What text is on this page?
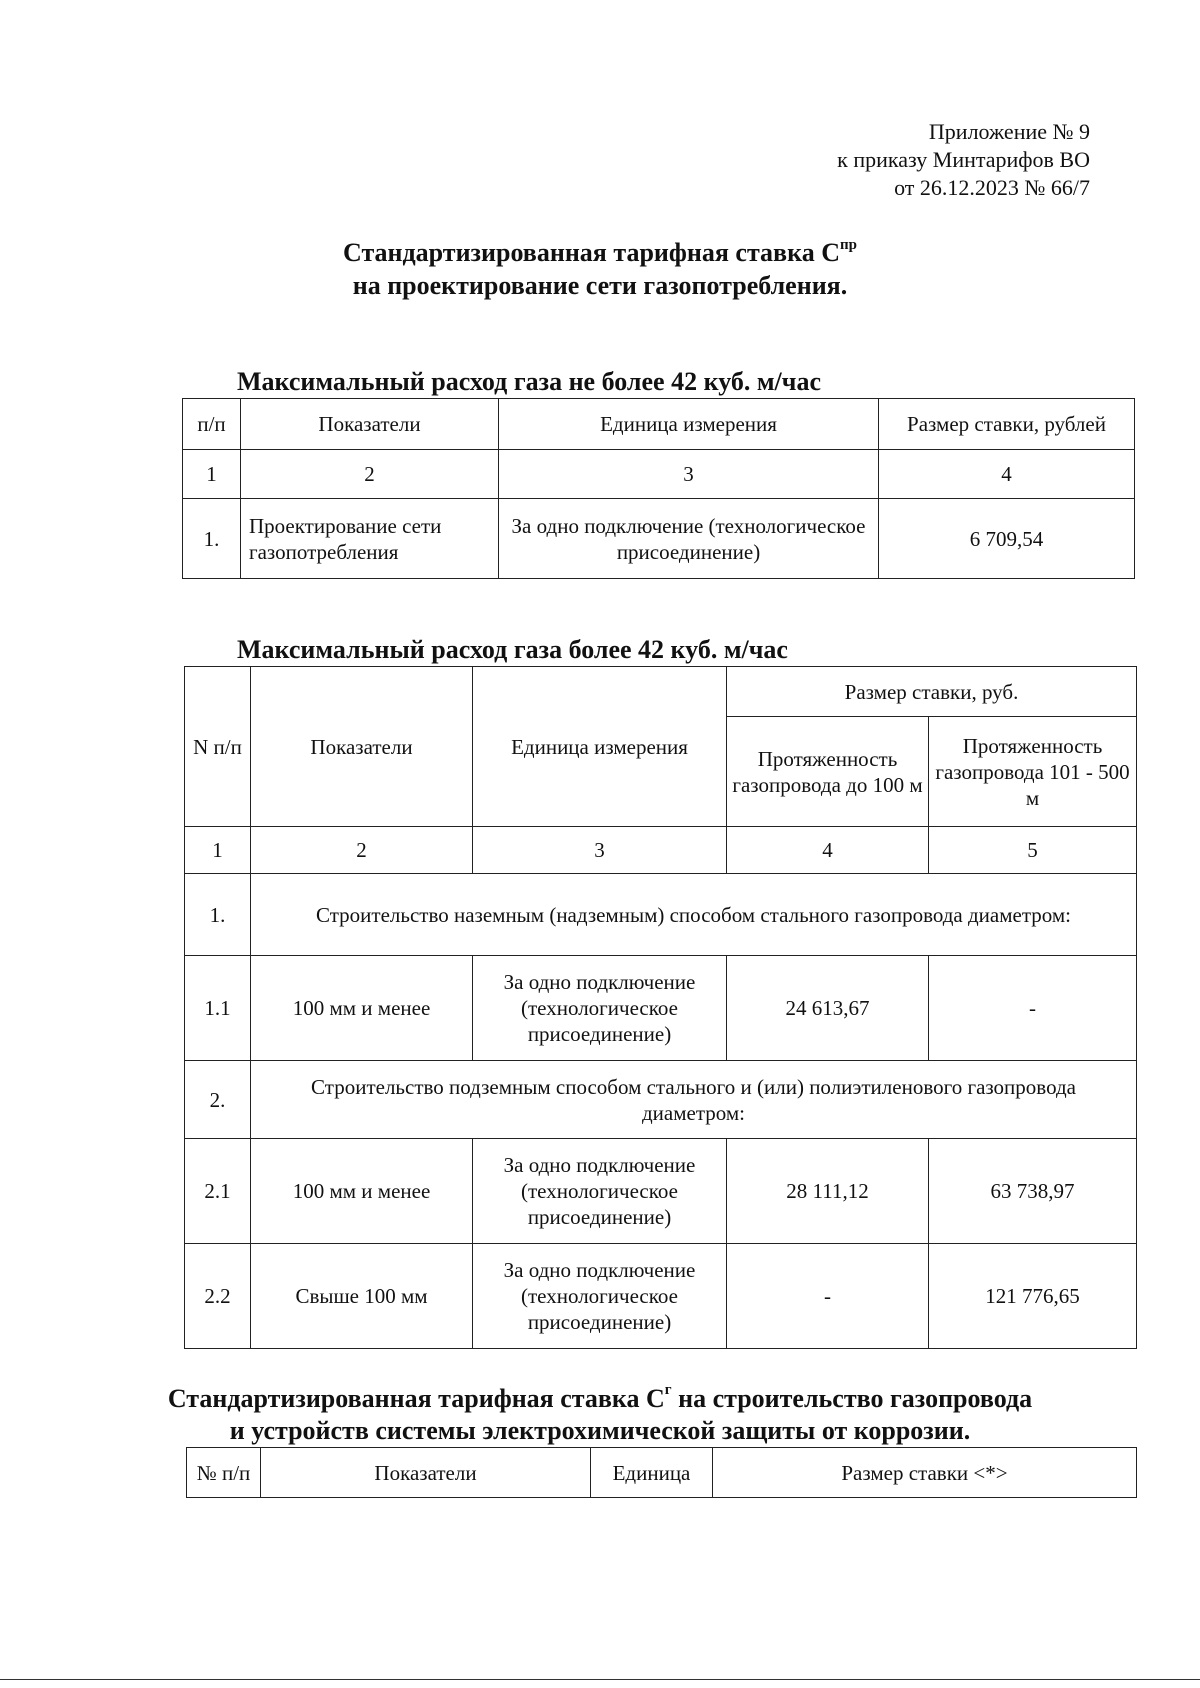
Приложение № 9
к приказу Минтарифов ВО
от 26.12.2023 № 66/7
Стандартизированная тарифная ставка $С^{пр}$
на проектирование сети газопотребления.
Максимальный расход газа не более 42 куб. м/час
п/п	Показатели	Единица измерения	Размер ставки, рублей
1	2	3	4
1.	Проектирование сети газопотребления	За одно подключение (технологическое присоединение)	6 709,54
Максимальный расход газа более 42 куб. м/час
N п/п	Показатели	Единица измерения	Размер ставки, руб.	
			Протяженность газопровода до 100 м	Протяженность газопровода 101 - 500 м
1	2	3	4	5
1.	Строительство наземным (надземным) способом стального газопровода диаметром:			
1.1	100 мм и менее	За одно подключение (технологическое присоединение)	24 613,67	-
2.	Строительство подземным способом стального и (или) полиэтиленового газопровода диаметром:			
2.1	100 мм и менее	За одно подключение (технологическое присоединение)	28 111,12	63 738,97
2.2	Свыше 100 мм	За одно подключение (технологическое присоединение)	-	121 776,65
Стандартизированная тарифная ставка $С^г$ на строительство газопровода
и устройств системы электрохимической защиты от коррозии.
№ п/п	Показатели	Единица	Размер ставки <*>
